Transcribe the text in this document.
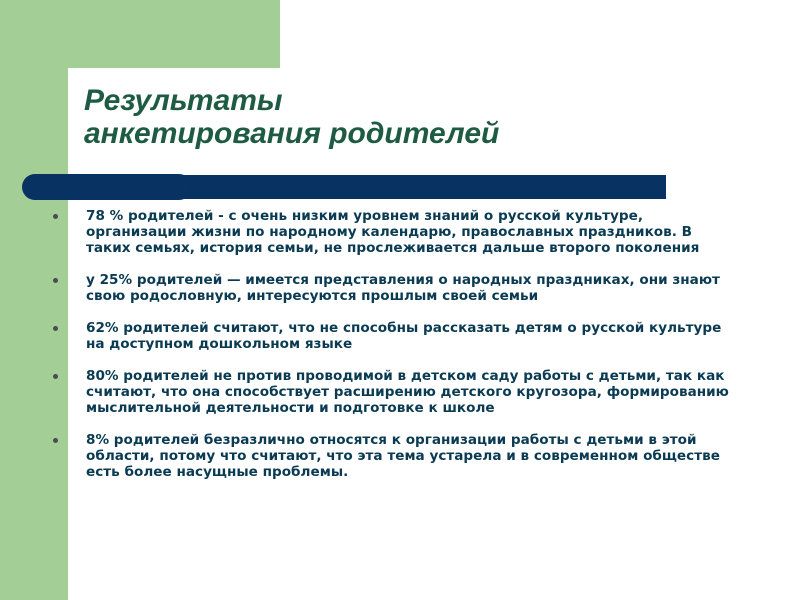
Результаты
анкетирования родителей
78 % родителей - с очень низким уровнем знаний о русской культуре, организации жизни по народному календарю, православных праздников. В таких семьях, история семьи, не прослеживается дальше второго поколения
у 25% родителей — имеется представления о народных праздниках, они знают свою родословную, интересуются прошлым своей семьи
62% родителей считают, что не способны рассказать детям о русской культуре на доступном дошкольном языке
80% родителей не против проводимой в детском саду работы с детьми, так как считают, что она способствует расширению детского кругозора, формированию мыслительной деятельности и подготовке к школе
8% родителей безразлично относятся к организации работы с детьми в этой области, потому что считают, что эта тема устарела и в современном обществе есть более насущные проблемы.
